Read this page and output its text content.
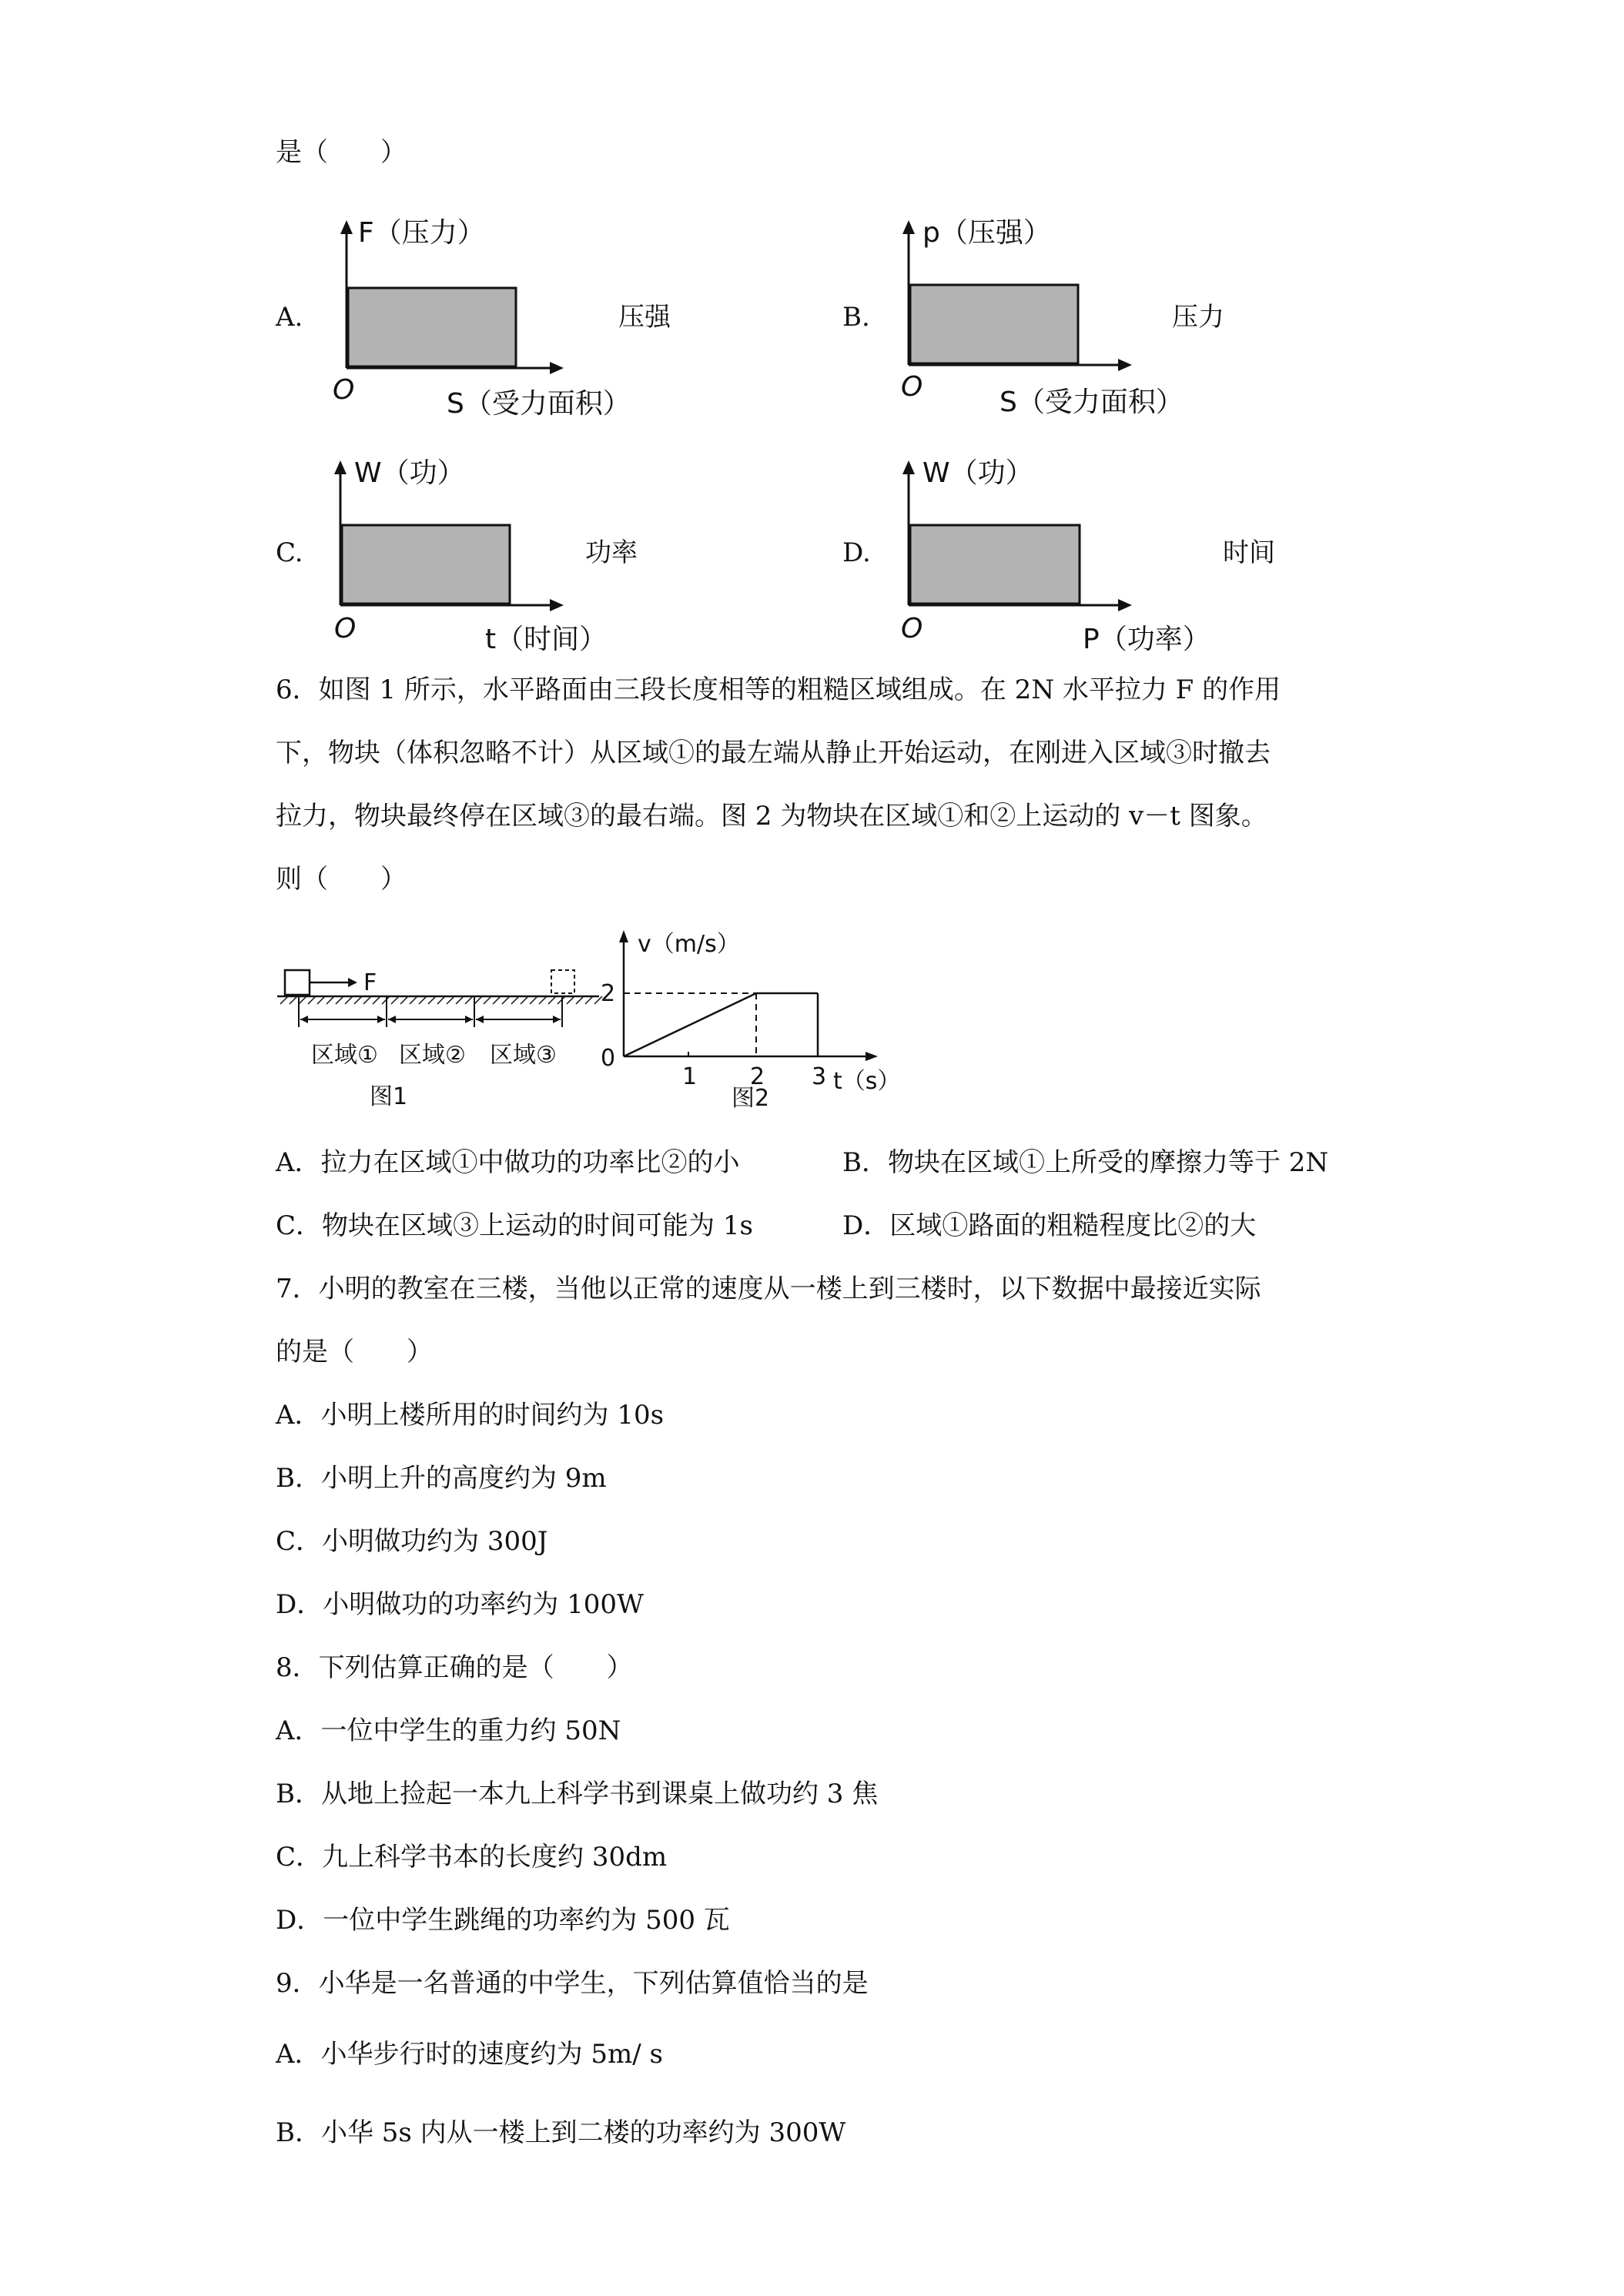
是（　　）
A.
F（压力）
O	S（受力面积）
压强	B.
p（压强）
O	S（受力面积）
压力
C.
W（功）
O	t（时间）
功率	D.
W（功）
O	P（功率）
时间
6．如图 1 所示，水平路面由三段长度相等的粗糙区域组成。在 2N 水平拉力 F 的作用
下，物块（体积忽略不计）从区域①的最左端从静止开始运动，在刚进入区域③时撤去
拉力，物块最终停在区域③的最右端。图 2 为物块在区域①和②上运动的 v－t 图象。
则（　　）
F
区域① 区域② 区域③
图1
v（m/s）
0
2
1 2 3 t（s）
图2
A．拉力在区域①中做功的功率比②的小	B．物块在区域①上所受的摩擦力等于 2N
C．物块在区域③上运动的时间可能为 1s	D．区域①路面的粗糙程度比②的大
7．小明的教室在三楼，当他以正常的速度从一楼上到三楼时，以下数据中最接近实际
的是（　　）
A．小明上楼所用的时间约为 10s
B．小明上升的高度约为 9m
C．小明做功约为 300J
D．小明做功的功率约为 100W
8．下列估算正确的是（　　）
A．一位中学生的重力约 50N
B．从地上捡起一本九上科学书到课桌上做功约 3 焦
C．九上科学书本的长度约 30dm
D．一位中学生跳绳的功率约为 500 瓦
9．小华是一名普通的中学生，下列估算值恰当的是
A．小华步行时的速度约为 5m/ s
B．小华 5s 内从一楼上到二楼的功率约为 300W
